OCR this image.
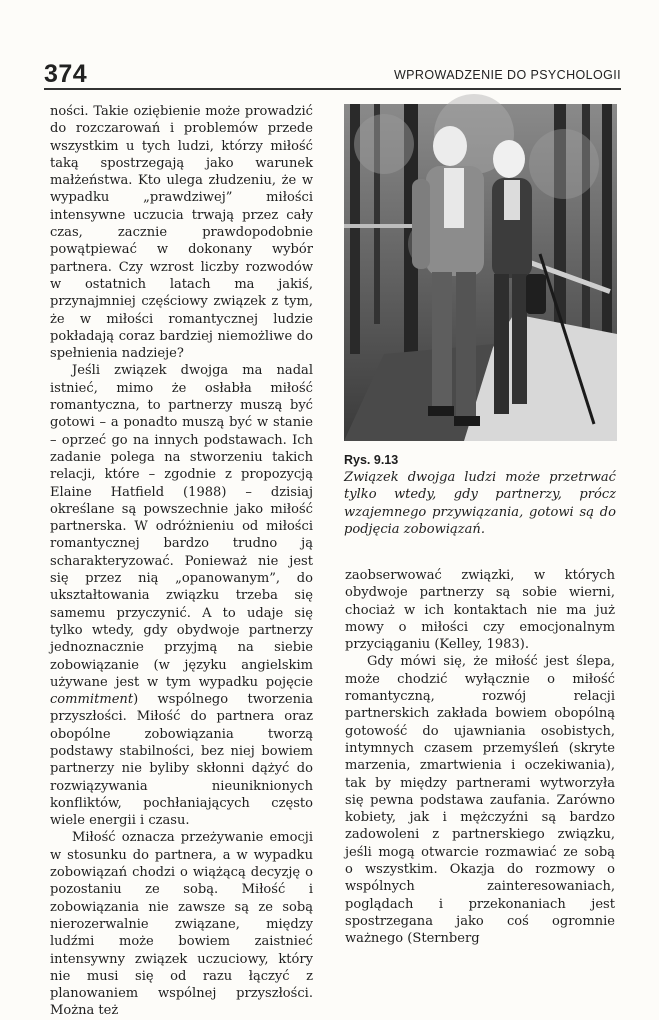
374	WPROWADZENIE DO PSYCHOLOGII

ności. Takie oziębienie może prowadzić do rozczarowań i problemów przede wszystkim u tych ludzi, którzy miłość taką spostrzegają jako warunek małżeństwa. Kto ulega złudzeniu, że w wypadku „prawdziwej” miłości intensywne uczucia trwają przez cały czas, zacznie prawdopodobnie powątpiewać w dokonany wybór partnera. Czy wzrost liczby rozwodów w ostatnich latach ma jakiś, przynajmniej częściowy związek z tym, że w miłości romantycznej ludzie pokładają coraz bardziej niemożliwe do spełnienia nadzieje?

Jeśli związek dwojga ma nadal istnieć, mimo że osłabła miłość romantyczna, to partnerzy muszą być gotowi – a ponadto muszą być w stanie – oprzeć go na innych podstawach. Ich zadanie polega na stworzeniu takich relacji, które – zgodnie z propozycją Elaine Hatfield (1988) – dzisiaj określane są powszechnie jako miłość partnerska. W odróżnieniu od miłości romantycznej bardzo trudno ją scharakteryzować. Ponieważ nie jest się przez nią „opanowanym”, do ukształtowania związku trzeba się samemu przyczynić. A to udaje się tylko wtedy, gdy obydwoje partnerzy jednoznacznie przyjmą na siebie zobowiązanie (w języku angielskim używane jest w tym wypadku pojęcie commitment) wspólnego tworzenia przyszłości. Miłość do partnera oraz obopólne zobowiązania tworzą podstawy stabilności, bez niej bowiem partnerzy nie byliby skłonni dążyć do rozwiązywania nieuniknionych konfliktów, pochłaniających często wiele energii i czasu.

Miłość oznacza przeżywanie emocji w stosunku do partnera, a w wypadku zobowiązań chodzi o wiążącą decyzję o pozostaniu ze sobą. Miłość i zobowiązania nie zawsze są ze sobą nierozerwalnie związane, między ludźmi może bowiem zaistnieć intensywny związek uczuciowy, który nie musi się od razu łączyć z planowaniem wspólnej przyszłości. Można też

Rys. 9.13
Związek dwojga ludzi może przetrwać tylko wtedy, gdy partnerzy, prócz wzajemnego przywiązania, gotowi są do podjęcia zobowiązań.

zaobserwować związki, w których obydwoje partnerzy są sobie wierni, chociaż w ich kontaktach nie ma już mowy o miłości czy emocjonalnym przyciąganiu (Kelley, 1983).

Gdy mówi się, że miłość jest ślepa, może chodzić wyłącznie o miłość romantyczną, rozwój relacji partnerskich zakłada bowiem obopólną gotowość do ujawniania osobistych, intymnych czasem przemyśleń (skryte marzenia, zmartwienia i oczekiwania), tak by między partnerami wytworzyła się pewna podstawa zaufania. Zarówno kobiety, jak i mężczyźni są bardzo zadowoleni z partnerskiego związku, jeśli mogą otwarcie rozmawiać ze sobą o wszystkim. Okazja do rozmowy o wspólnych zainteresowaniach, poglądach i przekonaniach jest spostrzegana jako coś ogromnie ważnego (Sternberg
